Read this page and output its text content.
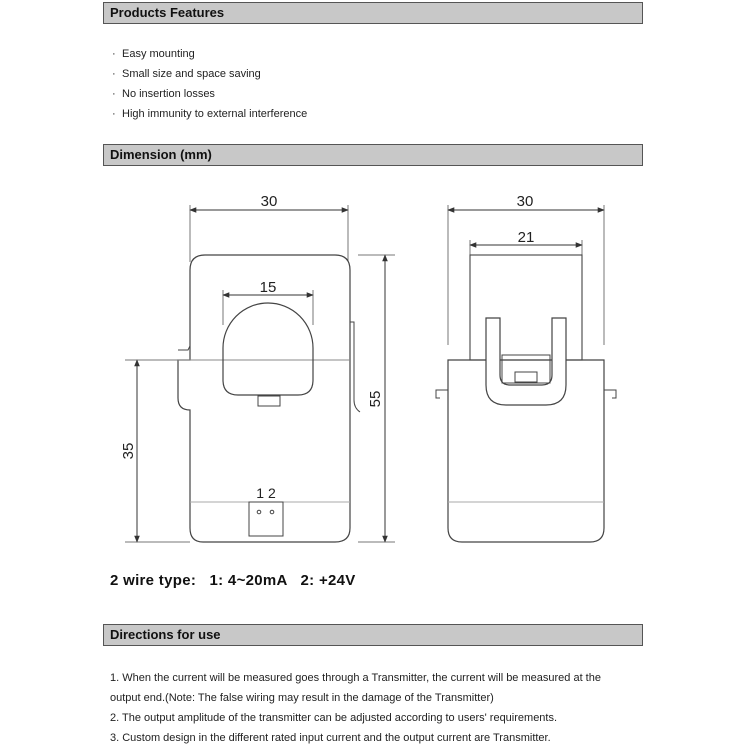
Products Features
· Easy mounting
· Small size and space saving
· No insertion losses
· High immunity to external interference
Dimension (mm)
30
15
55
35
1 2
30
21
2 wire type:   1: 4~20mA   2: +24V
Directions for use

1. When the current will be measured goes through a Transmitter, the current will be measured at the

output end.(Note: The false wiring may result in the damage of the Transmitter)

2. The output amplitude of the transmitter can be adjusted according to users' requirements.

3. Custom design in the different rated input current and the output current are Transmitter.
